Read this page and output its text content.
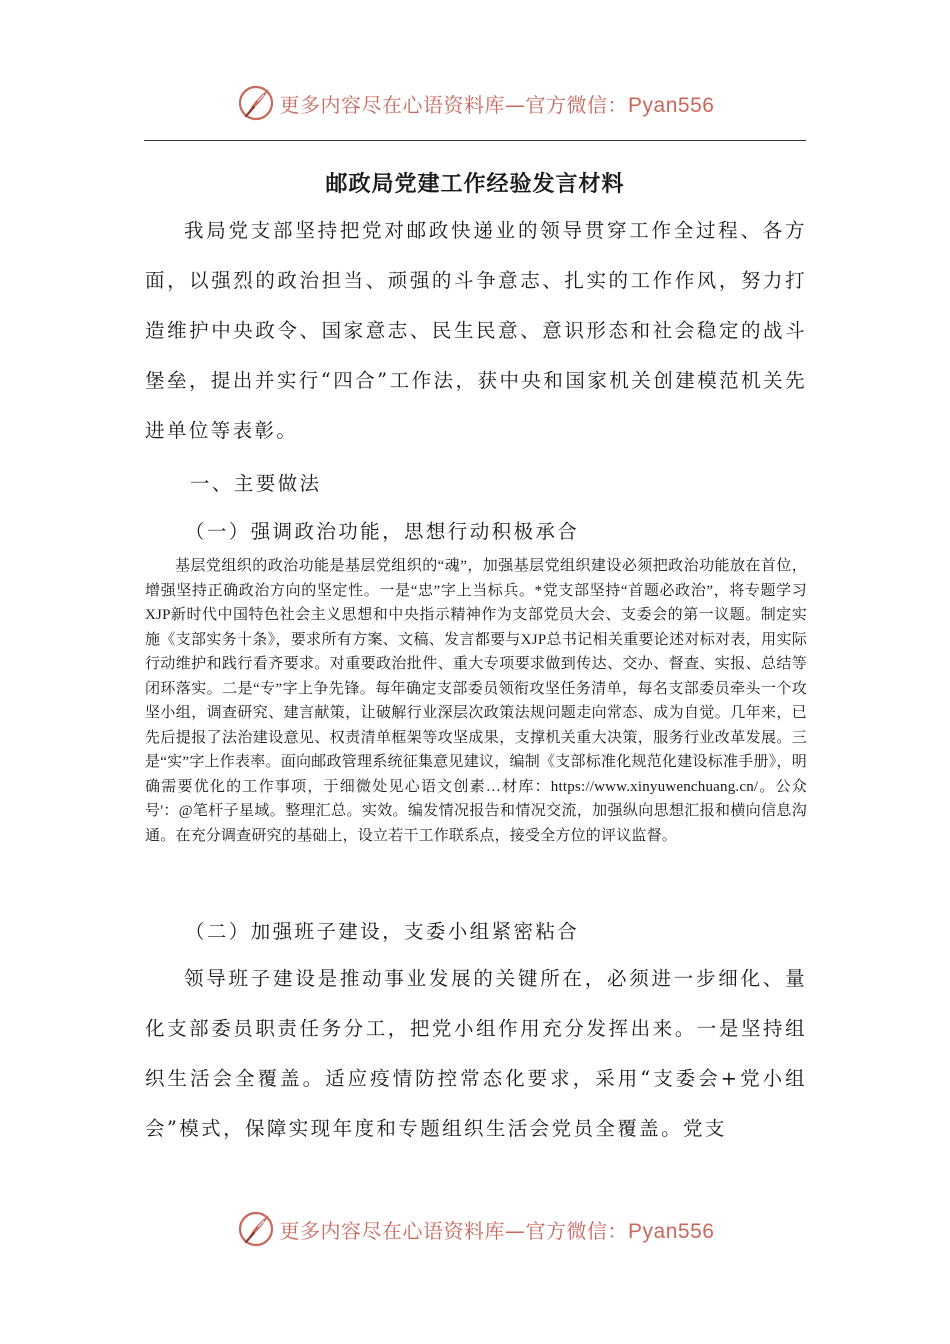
更多内容尽在心语资料库—官方微信：Pyan556
邮政局党建工作经验发言材料

我局党支部坚持把党对邮政快递业的领导贯穿工作全过程、各方面，以强烈的政治担当、顽强的斗争意志、扎实的工作作风，努力打造维护中央政令、国家意志、民生民意、意识形态和社会稳定的战斗堡垒，提出并实行“四合”工作法，获中央和国家机关创建模范机关先进单位等表彰。

一、主要做法

（一）强调政治功能，思想行动积极承合

基层党组织的政治功能是基层党组织的“魂”，加强基层党组织建设必须把政治功能放在首位，增强坚持正确政治方向的坚定性。一是“忠”字上当标兵。*党支部坚持“首题必政治”，将专题学习XJP新时代中国特色社会主义思想和中央指示精神作为支部党员大会、支委会的第一议题。制定实施《支部实务十条》，要求所有方案、文稿、发言都要与XJP总书记相关重要论述对标对表，用实际行动维护和践行看齐要求。对重要政治批件、重大专项要求做到传达、交办、督查、实报、总结等闭环落实。二是“专”字上争先锋。每年确定支部委员领衔攻坚任务清单，每名支部委员牵头一个攻坚小组，调查研究、建言献策，让破解行业深层次政策法规问题走向常态、成为自觉。几年来，已先后提报了法治建设意见、权责清单框架等攻坚成果，支撑机关重大决策，服务行业改革发展。三是“实”字上作表率。面向邮政管理系统征集意见建议，编制《支部标准化规范化建设标准手册》，明确需要优化的工作事项，于细微处见心语文创素…材库：https://www.xinyuwenchuang.cn/。公众号'：@笔杆子星域。整理汇总。实效。编发情况报告和情况交流，加强纵向思想汇报和横向信息沟通。在充分调查研究的基础上，设立若干工作联系点，接受全方位的评议监督。

（二）加强班子建设，支委小组紧密粘合

领导班子建设是推动事业发展的关键所在，必须进一步细化、量化支部委员职责任务分工，把党小组作用充分发挥出来。一是坚持组织生活会全覆盖。适应疫情防控常态化要求，采用“支委会+党小组会”模式，保障实现年度和专题组织生活会党员全覆盖。党支

更多内容尽在心语资料库—官方微信：Pyan556
